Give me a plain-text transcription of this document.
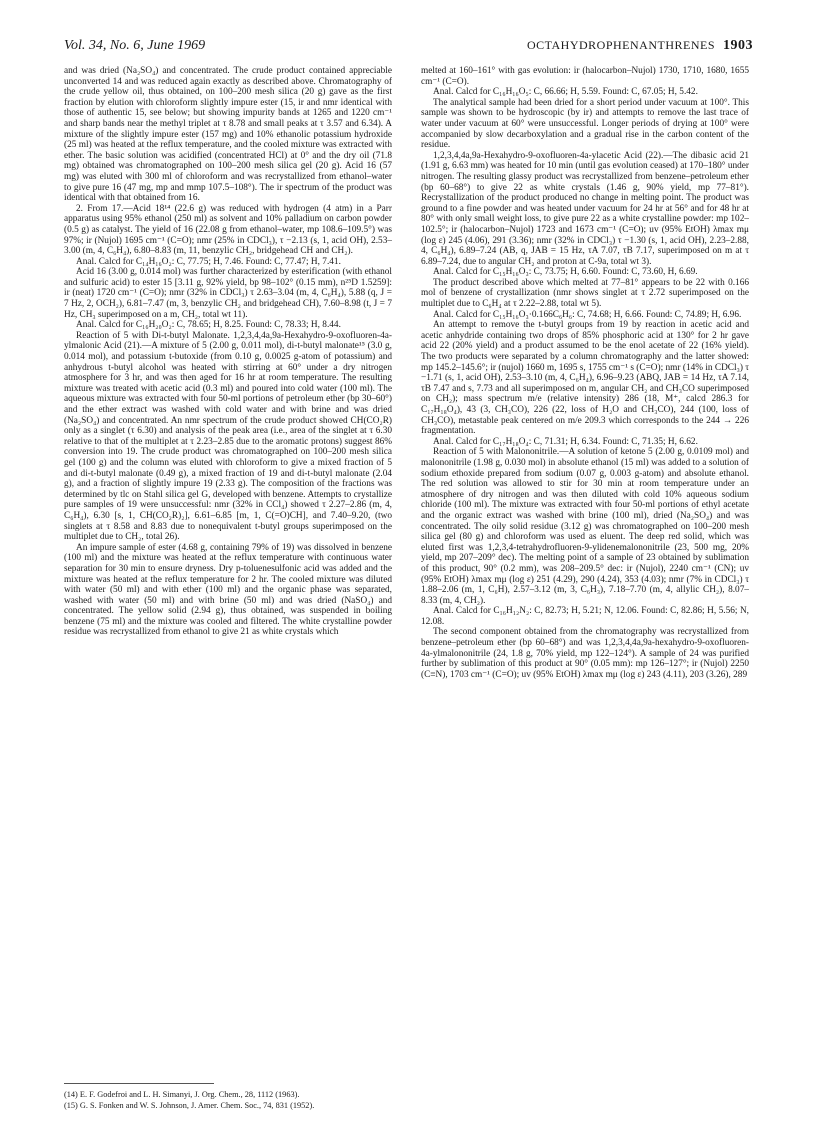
Vol. 34, No. 6, June 1969	OCTAHYDROPHENANTHRENES 1903

and was dried (Na₂SO₄) and concentrated. The crude product contained appreciable unconverted 14 and was reduced again exactly as described above. Chromatography of the crude yellow oil, thus obtained, on 100–200 mesh silica (20 g) gave as the first fraction by elution with chloroform slightly impure ester (15, ir and nmr identical with those of authentic 15, see below; but showing impurity bands at 1265 and 1220 cm⁻¹ and sharp bands near the methyl triplet at τ 8.78 and small peaks at τ 3.57 and 6.34). A mixture of the slightly impure ester (157 mg) and 10% ethanolic potassium hydroxide (25 ml) was heated at the reflux temperature, and the cooled mixture was extracted with ether. The basic solution was acidified (concentrated HCl) at 0° and the dry oil (71.8 mg) obtained was chromatographed on 100–200 mesh silica gel (20 g). Acid 16 (57 mg) was eluted with 300 ml of chloroform and was recrystallized from ethanol–water to give pure 16 (47 mg, mp and mmp 107.5–108°). The ir spectrum of the product was identical with that obtained from 16.

2. From 17.—Acid 18¹⁴ (22.6 g) was reduced with hydrogen (4 atm) in a Parr apparatus using 95% ethanol (250 ml) as solvent and 10% palladium on carbon powder (0.5 g) as catalyst. The yield of 16 (22.08 g from ethanol–water, mp 108.6–109.5°) was 97%; ir (Nujol) 1695 cm⁻¹ (C=O); nmr (25% in CDCl₃), τ −2.13 (s, 1, acid OH), 2.53–3.00 (m, 4, C₆H₄), 6.80–8.83 (m, 11, benzylic CH₂, bridgehead CH and CH₂).

Anal. Calcd for C₁₄H₁₆O₂: C, 77.75; H, 7.46. Found: C, 77.47; H, 7.41.

Acid 16 (3.00 g, 0.014 mol) was further characterized by esterification (with ethanol and sulfuric acid) to ester 15 [3.11 g, 92% yield, bp 98–102° (0.15 mm), n²⁵D 1.5259]: ir (neat) 1720 cm⁻¹ (C=O); nmr (32% in CDCl₃) τ 2.63–3.04 (m, 4, C₆H₄), 5.88 (q, J = 7 Hz, 2, OCH₂), 6.81–7.47 (m, 3, benzylic CH₂ and bridgehead CH), 7.60–8.98 (t, J = 7 Hz, CH₃ superimposed on a m, CH₂, total wt 11).

Anal. Calcd for C₁₆H₂₀O₂: C, 78.65; H, 8.25. Found: C, 78.33; H, 8.44.

Reaction of 5 with Di-t-butyl Malonate. 1,2,3,4,4a,9a-Hexahydro-9-oxofluoren-4a-ylmalonic Acid (21).—A mixture of 5 (2.00 g, 0.011 mol), di-t-butyl malonate¹⁵ (3.0 g, 0.014 mol), and potassium t-butoxide (from 0.10 g, 0.0025 g-atom of potassium) and anhydrous t-butyl alcohol was heated with stirring at 60° under a dry nitrogen atmosphere for 3 hr, and was then aged for 16 hr at room temperature. The resulting mixture was treated with acetic acid (0.3 ml) and poured into cold water (100 ml). The aqueous mixture was extracted with four 50-ml portions of petroleum ether (bp 30–60°) and the ether extract was washed with cold water and with brine and was dried (Na₂SO₄) and concentrated. An nmr spectrum of the crude product showed CH(CO₂R) only as a singlet (τ 6.30) and analysis of the peak area (i.e., area of the singlet at τ 6.30 relative to that of the multiplet at τ 2.23–2.85 due to the aromatic protons) suggest 86% conversion into 19. The crude product was chromatographed on 100–200 mesh silica gel (100 g) and the column was eluted with chloroform to give a mixed fraction of 5 and di-t-butyl malonate (0.49 g), a mixed fraction of 19 and di-t-butyl malonate (2.04 g), and a fraction of slightly impure 19 (2.33 g). The composition of the fractions was determined by tlc on Stahl silica gel G, developed with benzene. Attempts to crystallize pure samples of 19 were unsuccessful: nmr (32% in CCl₄) showed τ 2.27–2.86 (m, 4, C₆H₄), 6.30 [s, 1, CH(CO₂R)₂], 6.61–6.85 [m, 1, C(=O)CH], and 7.40–9.20, (two singlets at τ 8.58 and 8.83 due to nonequivalent t-butyl groups superimposed on the multiplet due to CH₂, total 26).

An impure sample of ester (4.68 g, containing 79% of 19) was dissolved in benzene (100 ml) and the mixture was heated at the reflux temperature with continuous water separation for 30 min to ensure dryness. Dry p-toluenesulfonic acid was added and the mixture was heated at the reflux temperature for 2 hr. The cooled mixture was diluted with water (50 ml) and with ether (100 ml) and the organic phase was separated, washed with water (50 ml) and with brine (50 ml) and was dried (NaSO₄) and concentrated. The yellow solid (2.94 g), thus obtained, was suspended in boiling benzene (75 ml) and the mixture was cooled and filtered. The white crystalline powder residue was recrystallized from ethanol to give 21 as white crystals which

melted at 160–161° with gas evolution: ir (halocarbon–Nujol) 1730, 1710, 1680, 1655 cm⁻¹ (C=O).

Anal. Calcd for C₁₆H₁₆O₅: C, 66.66; H, 5.59. Found: C, 67.05; H, 5.42.

The analytical sample had been dried for a short period under vacuum at 100°. This sample was shown to be hydroscopic (by ir) and attempts to remove the last trace of water under vacuum at 60° were unsuccessful. Longer periods of drying at 100° were accompanied by slow decarboxylation and a gradual rise in the carbon content of the residue.

1,2,3,4,4a,9a-Hexahydro-9-oxofluoren-4a-ylacetic Acid (22).—The dibasic acid 21 (1.91 g, 6.63 mm) was heated for 10 min (until gas evolution ceased) at 170–180° under nitrogen. The resulting glassy product was recrystallized from benzene–petroleum ether (bp 60–68°) to give 22 as white crystals (1.46 g, 90% yield, mp 77–81°). Recrystallization of the product produced no change in melting point. The product was ground to a fine powder and was heated under vacuum for 24 hr at 56° and for 48 hr at 80° with only small weight loss, to give pure 22 as a white crystalline powder: mp 102–102.5°; ir (halocarbon–Nujol) 1723 and 1673 cm⁻¹ (C=O); uv (95% EtOH) λmax mμ (log ε) 245 (4.06), 291 (3.36); nmr (32% in CDCl₃) τ −1.30 (s, 1, acid OH), 2.23–2.88, 4, C₆H₄), 6.89–7.24 (AB, q, JAB = 15 Hz, τA 7.07, τB 7.17, superimposed on m at τ 6.89–7.24, due to angular CH₂ and proton at C-9a, total wt 3).

Anal. Calcd for C₁₅H₁₆O₃: C, 73.75; H, 6.60. Found: C, 73.60, H, 6.69.

The product described above which melted at 77–81° appears to be 22 with 0.166 mol of benzene of crystallization (nmr shows singlet at τ 2.72 superimposed on the multiplet due to C₆H₄ at τ 2.22–2.88, total wt 5).

Anal. Calcd for C₁₅H₁₆O₃·0.166C₆H₆: C, 74.68; H, 6.66. Found: C, 74.89; H, 6.96.

An attempt to remove the t-butyl groups from 19 by reaction in acetic acid and acetic anhydride containing two drops of 85% phosphoric acid at 130° for 2 hr gave acid 22 (20% yield) and a product assumed to be the enol acetate of 22 (16% yield). The two products were separated by a column chromatography and the latter showed: mp 145.2–145.6°; ir (nujol) 1660 m, 1695 s, 1755 cm⁻¹ s (C=O); nmr (14% in CDCl₃) τ −1.71 (s, 1, acid OH), 2.53–3.10 (m, 4, C₆H₄), 6.96–9.23 (ABQ, JAB = 14 Hz, τA 7.14, τB 7.47 and s, 7.73 and all superimposed on m, angular CH₂ and CH₃CO superimposed on CH₂); mass spectrum m/e (relative intensity) 286 (18, M⁺, calcd 286.3 for C₁₇H₁₈O₄), 43 (3, CH₃CO), 226 (22, loss of H₂O and CH₃CO), 244 (100, loss of CH₃CO), metastable peak centered on m/e 209.3 which corresponds to the 244 → 226 fragmentation.

Anal. Calcd for C₁₇H₁₈O₄: C, 71.31; H, 6.34. Found: C, 71.35; H, 6.62.

Reaction of 5 with Malononitrile.—A solution of ketone 5 (2.00 g, 0.0109 mol) and malononitrile (1.98 g, 0.030 mol) in absolute ethanol (15 ml) was added to a solution of sodium ethoxide prepared from sodium (0.07 g, 0.003 g-atom) and absolute ethanol. The red solution was allowed to stir for 30 min at room temperature under an atmosphere of dry nitrogen and was then diluted with cold 10% aqueous sodium chloride (100 ml). The mixture was extracted with four 50-ml portions of ethyl acetate and the organic extract was washed with brine (100 ml), dried (Na₂SO₄) and was concentrated. The oily solid residue (3.12 g) was chromatographed on 100–200 mesh silica gel (80 g) and chloroform was used as eluent. The deep red solid, which was eluted first was 1,2,3,4-tetrahydrofluoren-9-ylidenemalononitrile (23, 500 mg, 20% yield, mp 207–209° dec). The melting point of a sample of 23 obtained by sublimation of this product, 90° (0.2 mm), was 208–209.5° dec: ir (Nujol), 2240 cm⁻¹ (CN); uv (95% EtOH) λmax mμ (log ε) 251 (4.29), 290 (4.24), 353 (4.03); nmr (7% in CDCl₃) τ 1.88–2.06 (m, 1, C₆H), 2.57–3.12 (m, 3, C₆H₃), 7.18–7.70 (m, 4, allylic CH₂), 8.07–8.33 (m, 4, CH₂).

Anal. Calcd for C₁₆H₁₂N₂: C, 82.73; H, 5.21; N, 12.06. Found: C, 82.86; H, 5.56; N, 12.08.

The second component obtained from the chromatography was recrystallized from benzene–petroleum ether (bp 60–68°) and was 1,2,3,4,4a,9a-hexahydro-9-oxofluoren-4a-ylmalononitrile (24, 1.8 g, 70% yield, mp 122–124°). A sample of 24 was purified further by sublimation of this product at 90° (0.05 mm): mp 126–127°; ir (Nujol) 2250 (C≡N), 1703 cm⁻¹ (C=O); uv (95% EtOH) λmax mμ (log ε) 243 (4.11), 203 (3.26), 289

(14) E. F. Godefroi and L. H. Simanyi, J. Org. Chem., 28, 1112 (1963).
(15) G. S. Fonken and W. S. Johnson, J. Amer. Chem. Soc., 74, 831 (1952).
